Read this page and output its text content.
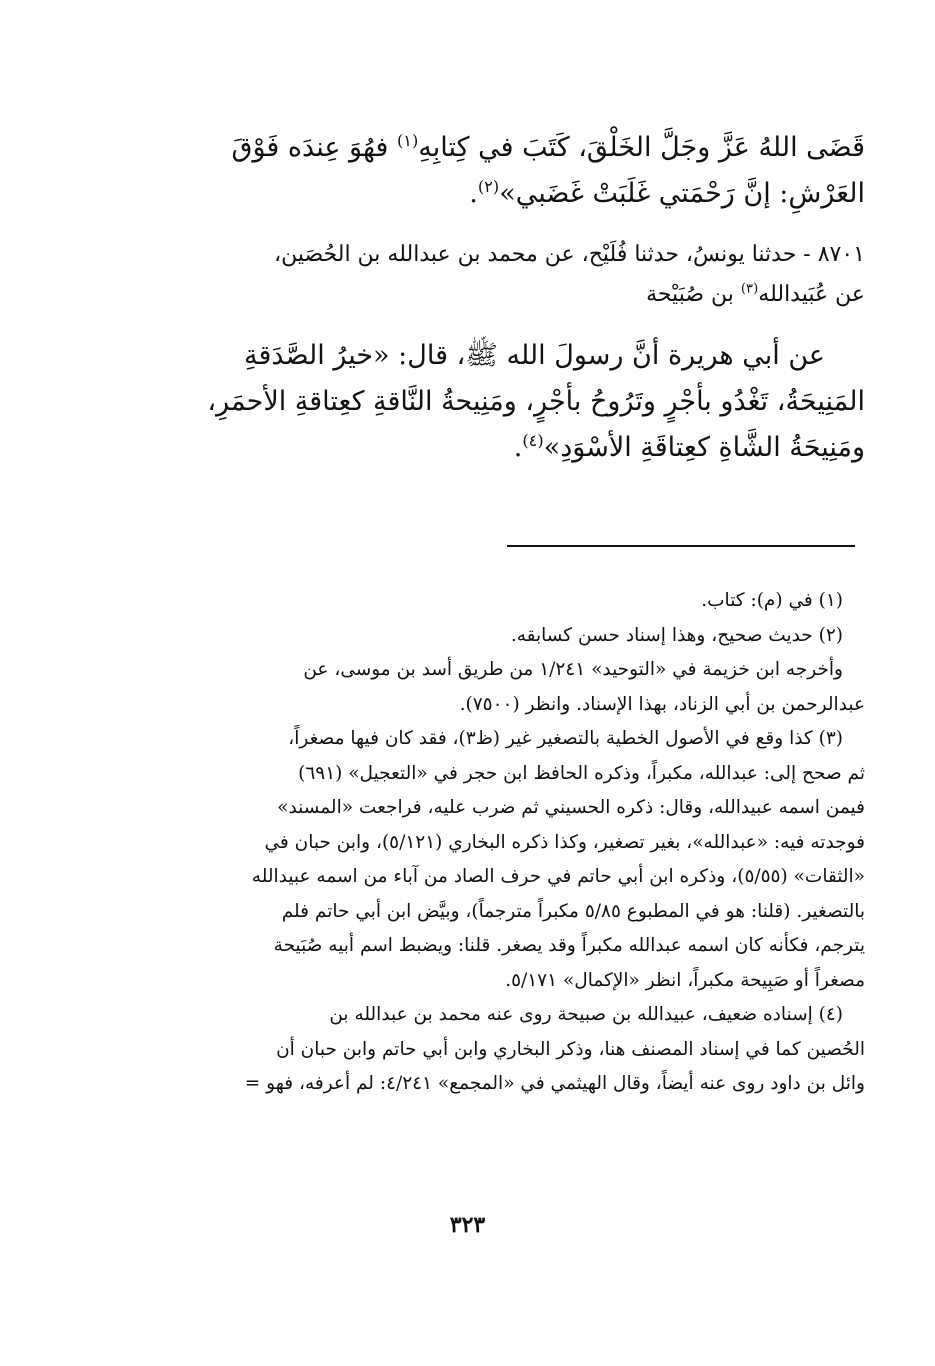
قَضَى اللهُ عَزَّ وجَلَّ الخَلْقَ، كَتَبَ في كِتابِهِ$^{(١)}$ فهُوَ عِندَه فَوْقَ

العَرْشِ: إنَّ رَحْمَتي غَلَبَتْ غَضَبي»$^{(٢)}$.

٨٧٠١ - حدثنا يونسُ، حدثنا فُلَيْح، عن محمد بن عبدالله بن الحُصَين،

عن عُبَيدالله$^{(٣)}$ بن صُبَيْحة

عن أبي هريرة أنَّ رسولَ الله ﷺ، قال: «خيرُ الصَّدَقةِ

المَنِيحَةُ، تَغْدُو بأجْرٍ وتَرُوحُ بأجْرٍ، ومَنِيحةُ النَّاقةِ كعِتاقةِ الأحمَرِ،

ومَنِيحَةُ الشَّاةِ كعِتاقَةِ الأسْوَدِ»$^{(٤)}$.

(١) في (م): كتاب.

(٢) حديث صحيح، وهذا إسناد حسن كسابقه.

وأخرجه ابن خزيمة في «التوحيد» ١/٢٤١ من طريق أسد بن موسى، عن

عبدالرحمن بن أبي الزناد، بهذا الإسناد. وانظر (٧٥٠٠).

(٣) كذا وقع في الأصول الخطية بالتصغير غير (ظ٣)، فقد كان فيها مصغراً،

ثم صحح إلى: عبدالله، مكبراً، وذكره الحافظ ابن حجر في «التعجيل» (٦٩١)

فيمن اسمه عبيدالله، وقال: ذكره الحسيني ثم ضرب عليه، فراجعت «المسند»

فوجدته فيه: «عبدالله»، بغير تصغير، وكذا ذكره البخاري (٥/١٢١)، وابن حبان في

«الثقات» (٥/٥٥)، وذكره ابن أبي حاتم في حرف الصاد من آباء من اسمه عبيدالله

بالتصغير. (قلنا: هو في المطبوع ٥/٨٥ مكبراً مترجماً)، وبيَّض ابن أبي حاتم فلم

يترجم، فكأنه كان اسمه عبدالله مكبراً وقد يصغر. قلنا: ويضبط اسم أبيه صُبَيحة

مصغراً أو صَبِيحة مكبراً، انظر «الإكمال» ٥/١٧١.

(٤) إسناده ضعيف، عبيدالله بن صبيحة روى عنه محمد بن عبدالله بن

الحُصين كما في إسناد المصنف هنا، وذكر البخاري وابن أبي حاتم وابن حبان أن

وائل بن داود روى عنه أيضاً، وقال الهيثمي في «المجمع» ٤/٢٤١: لم أعرفه، فهو =

٣٢٣
